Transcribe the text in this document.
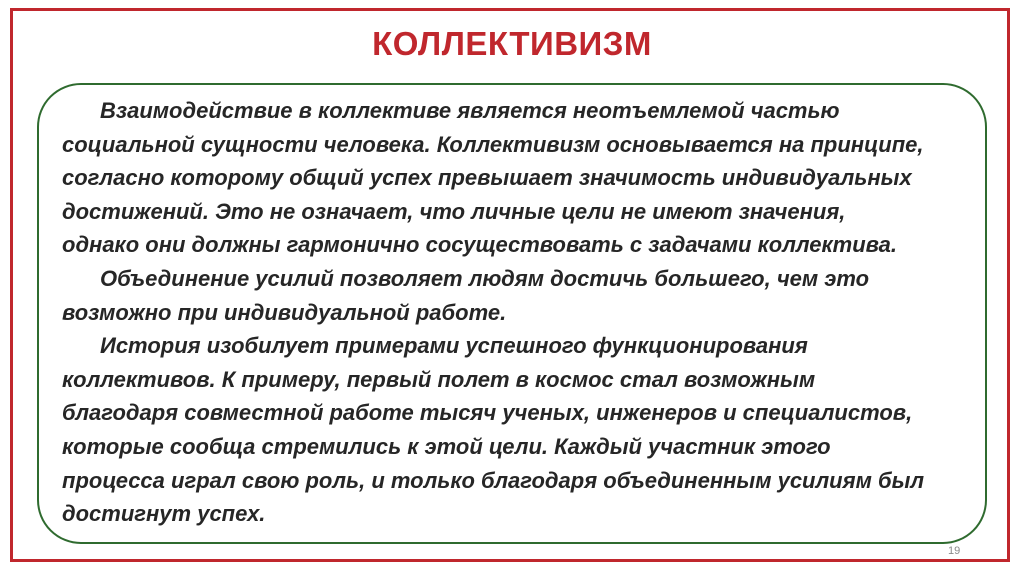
КОЛЛЕКТИВИЗМ
Взаимодействие в коллективе является неотъемлемой частью
социальной сущности человека. Коллективизм основывается на принципе,
согласно которому общий успех превышает значимость индивидуальных
достижений. Это не означает, что личные цели не имеют значения,
однако они должны гармонично сосуществовать с задачами коллектива.
Объединение усилий позволяет людям достичь большего, чем это
возможно при индивидуальной работе.
История изобилует примерами успешного функционирования
коллективов. К примеру, первый полет в космос стал возможным
благодаря совместной работе тысяч ученых, инженеров и специалистов,
которые сообща стремились к этой цели. Каждый участник этого
процесса играл свою роль, и только благодаря объединенным усилиям был
достигнут успех.
19
